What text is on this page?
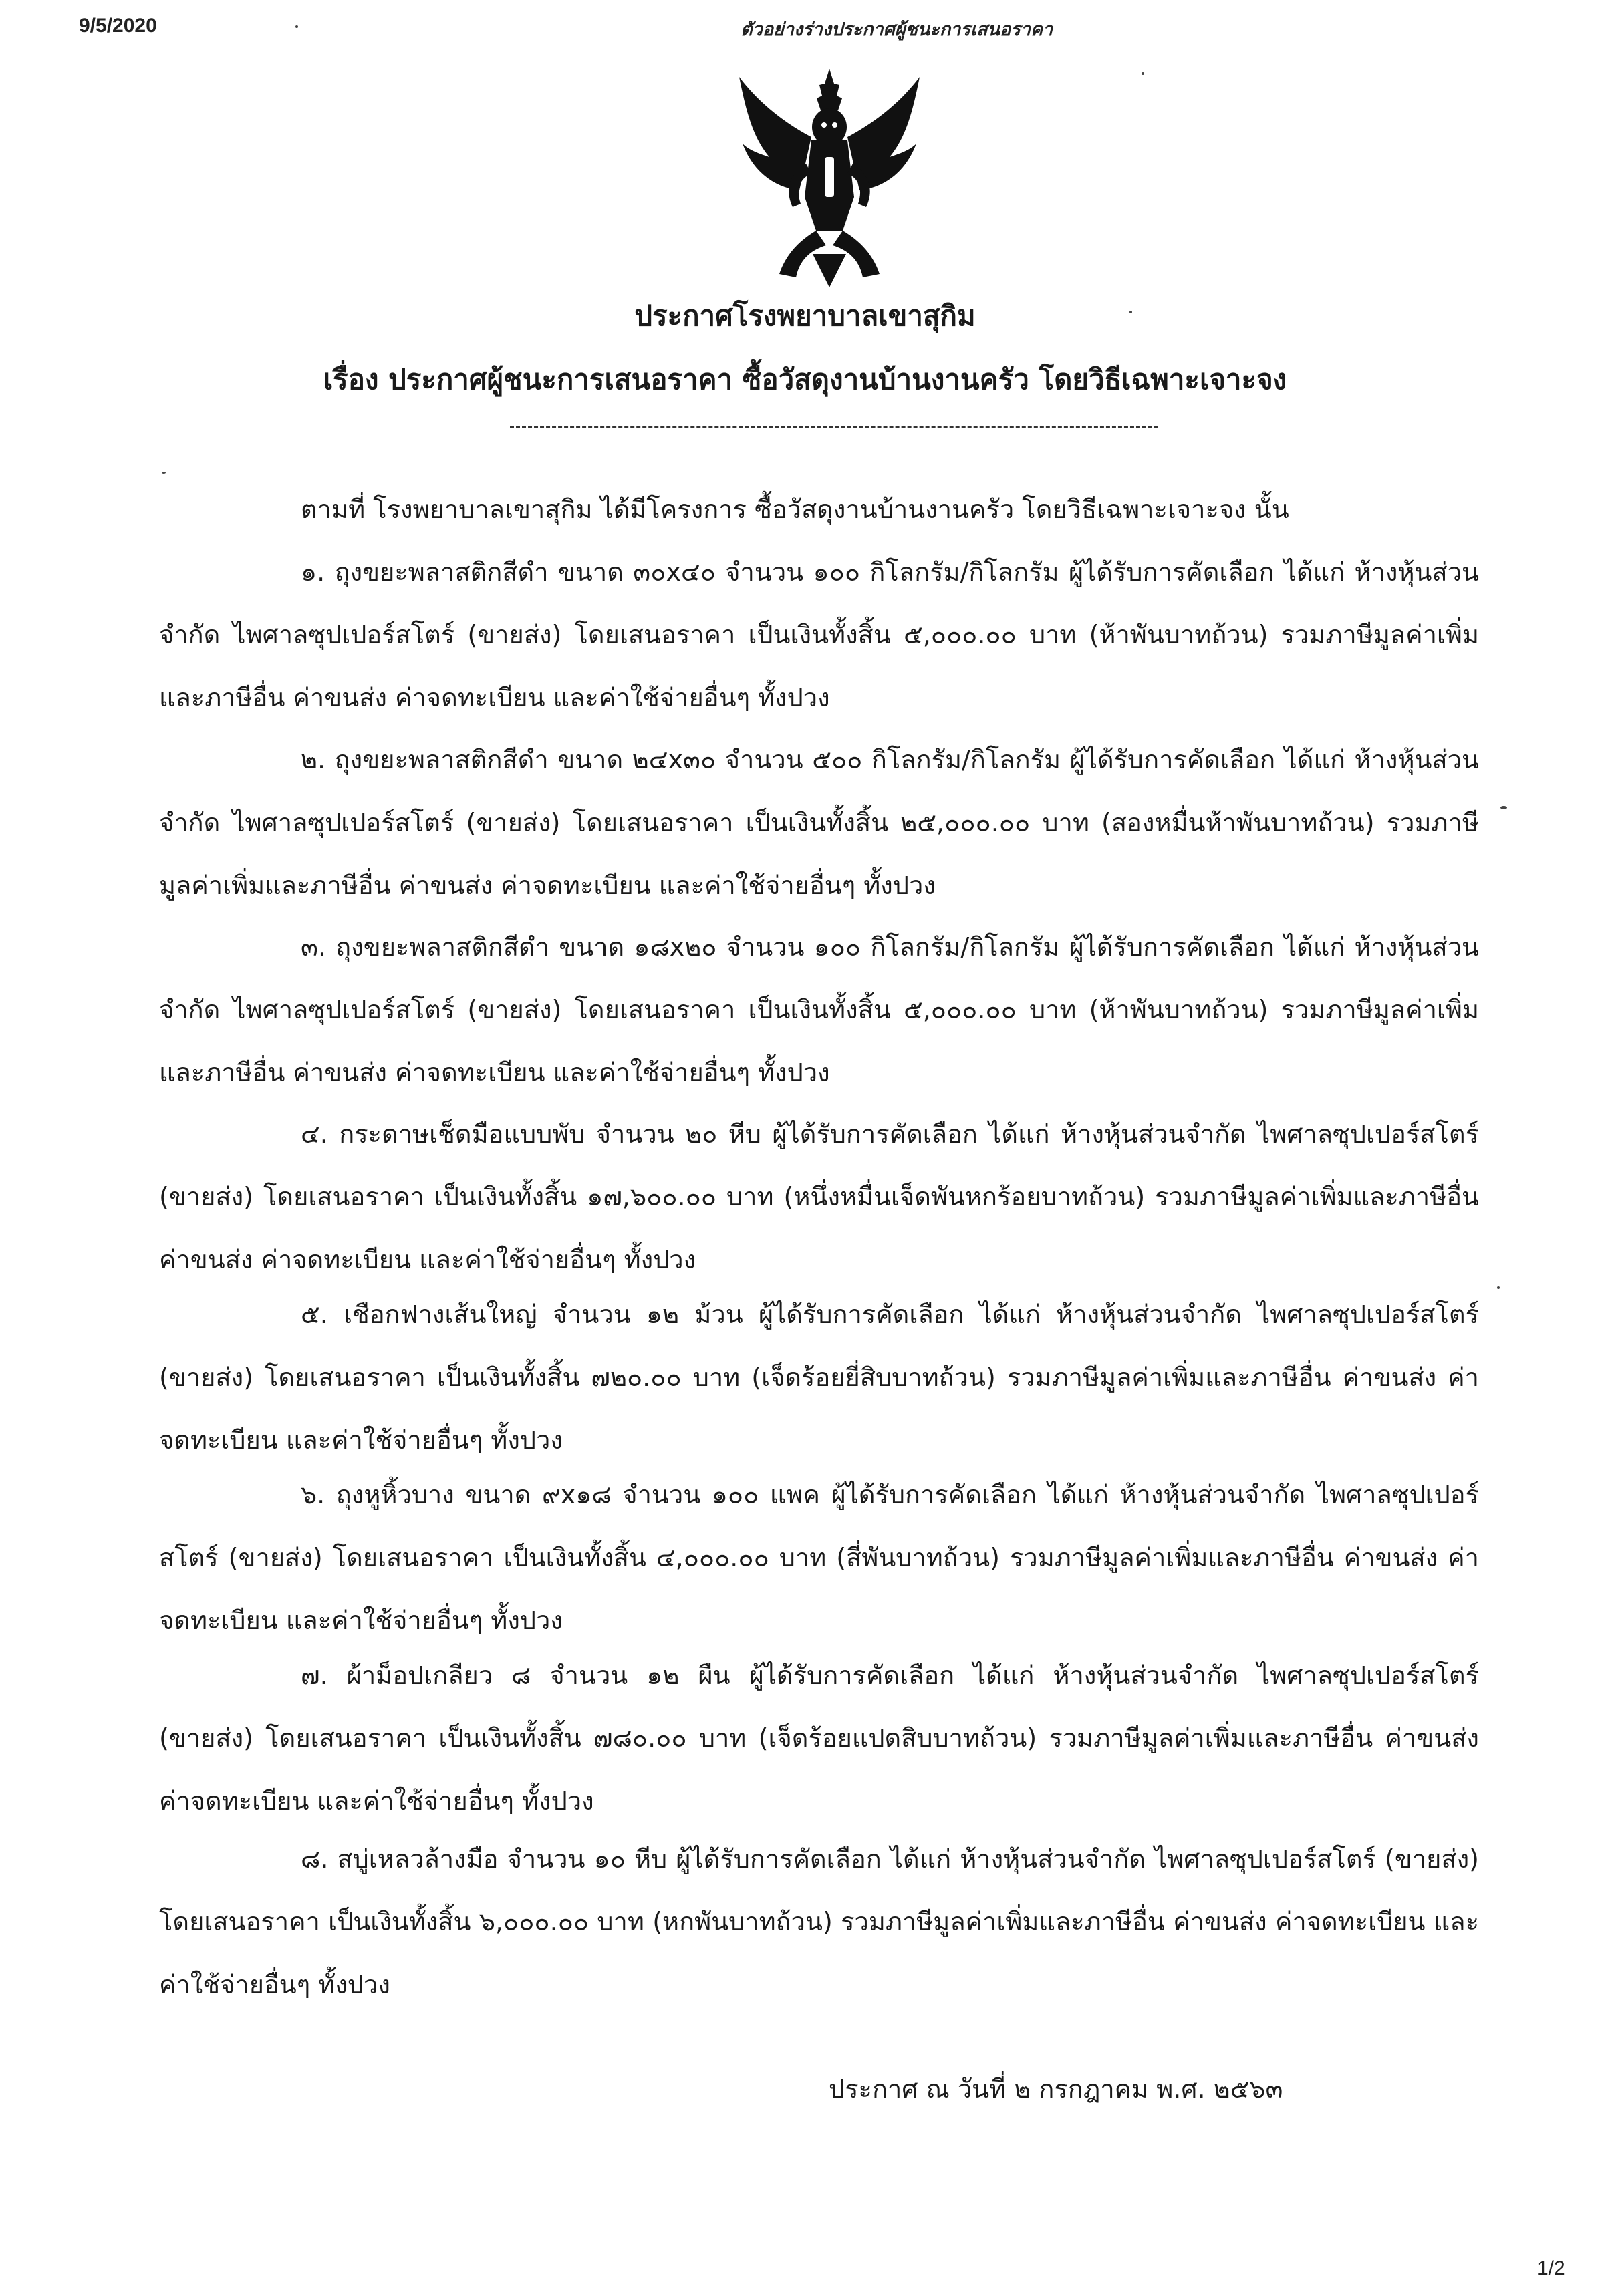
9/5/2020	ตัวอย่างร่างประกาศผู้ชนะการเสนอราคา
ประกาศโรงพยาบาลเขาสุกิม
เรื่อง ประกาศผู้ชนะการเสนอราคา ซื้อวัสดุงานบ้านงานครัว โดยวิธีเฉพาะเจาะจง
ตามที่ โรงพยาบาลเขาสุกิม ได้มีโครงการ ซื้อวัสดุงานบ้านงานครัว โดยวิธีเฉพาะเจาะจง นั้น
๑. ถุงขยะพลาสติกสีดำ ขนาด ๓๐x๔๐ จำนวน ๑๐๐ กิโลกรัม/กิโลกรัม ผู้ได้รับการคัดเลือก ได้แก่ ห้างหุ้นส่วนจำกัด ไพศาลซุปเปอร์สโตร์ (ขายส่ง) โดยเสนอราคา เป็นเงินทั้งสิ้น ๕,๐๐๐.๐๐ บาท (ห้าพันบาทถ้วน) รวมภาษีมูลค่าเพิ่มและภาษีอื่น ค่าขนส่ง ค่าจดทะเบียน และค่าใช้จ่ายอื่นๆ ทั้งปวง
๒. ถุงขยะพลาสติกสีดำ ขนาด ๒๔x๓๐ จำนวน ๕๐๐ กิโลกรัม/กิโลกรัม ผู้ได้รับการคัดเลือก ได้แก่ ห้างหุ้นส่วนจำกัด ไพศาลซุปเปอร์สโตร์ (ขายส่ง) โดยเสนอราคา เป็นเงินทั้งสิ้น ๒๕,๐๐๐.๐๐ บาท (สองหมื่นห้าพันบาทถ้วน) รวมภาษีมูลค่าเพิ่มและภาษีอื่น ค่าขนส่ง ค่าจดทะเบียน และค่าใช้จ่ายอื่นๆ ทั้งปวง
๓. ถุงขยะพลาสติกสีดำ ขนาด ๑๘x๒๐ จำนวน ๑๐๐ กิโลกรัม/กิโลกรัม ผู้ได้รับการคัดเลือก ได้แก่ ห้างหุ้นส่วนจำกัด ไพศาลซุปเปอร์สโตร์ (ขายส่ง) โดยเสนอราคา เป็นเงินทั้งสิ้น ๕,๐๐๐.๐๐ บาท (ห้าพันบาทถ้วน) รวมภาษีมูลค่าเพิ่มและภาษีอื่น ค่าขนส่ง ค่าจดทะเบียน และค่าใช้จ่ายอื่นๆ ทั้งปวง
๔. กระดาษเช็ดมือแบบพับ จำนวน ๒๐ หีบ ผู้ได้รับการคัดเลือก ได้แก่ ห้างหุ้นส่วนจำกัด ไพศาลซุปเปอร์สโตร์ (ขายส่ง) โดยเสนอราคา เป็นเงินทั้งสิ้น ๑๗,๖๐๐.๐๐ บาท (หนึ่งหมื่นเจ็ดพันหกร้อยบาทถ้วน) รวมภาษีมูลค่าเพิ่มและภาษีอื่น ค่าขนส่ง ค่าจดทะเบียน และค่าใช้จ่ายอื่นๆ ทั้งปวง
๕. เชือกฟางเส้นใหญ่ จำนวน ๑๒ ม้วน ผู้ได้รับการคัดเลือก ได้แก่ ห้างหุ้นส่วนจำกัด ไพศาลซุปเปอร์สโตร์ (ขายส่ง) โดยเสนอราคา เป็นเงินทั้งสิ้น ๗๒๐.๐๐ บาท (เจ็ดร้อยยี่สิบบาทถ้วน) รวมภาษีมูลค่าเพิ่มและภาษีอื่น ค่าขนส่ง ค่าจดทะเบียน และค่าใช้จ่ายอื่นๆ ทั้งปวง
๖. ถุงหูหิ้วบาง ขนาด ๙x๑๘ จำนวน ๑๐๐ แพค ผู้ได้รับการคัดเลือก ได้แก่ ห้างหุ้นส่วนจำกัด ไพศาลซุปเปอร์สโตร์ (ขายส่ง) โดยเสนอราคา เป็นเงินทั้งสิ้น ๔,๐๐๐.๐๐ บาท (สี่พันบาทถ้วน) รวมภาษีมูลค่าเพิ่มและภาษีอื่น ค่าขนส่ง ค่าจดทะเบียน และค่าใช้จ่ายอื่นๆ ทั้งปวง
๗. ผ้าม็อปเกลียว ๘ จำนวน ๑๒ ผืน ผู้ได้รับการคัดเลือก ได้แก่ ห้างหุ้นส่วนจำกัด ไพศาลซุปเปอร์สโตร์ (ขายส่ง) โดยเสนอราคา เป็นเงินทั้งสิ้น ๗๘๐.๐๐ บาท (เจ็ดร้อยแปดสิบบาทถ้วน) รวมภาษีมูลค่าเพิ่มและภาษีอื่น ค่าขนส่ง ค่าจดทะเบียน และค่าใช้จ่ายอื่นๆ ทั้งปวง
๘. สบู่เหลวล้างมือ จำนวน ๑๐ หีบ ผู้ได้รับการคัดเลือก ได้แก่ ห้างหุ้นส่วนจำกัด ไพศาลซุปเปอร์สโตร์ (ขายส่ง) โดยเสนอราคา เป็นเงินทั้งสิ้น ๖,๐๐๐.๐๐ บาท (หกพันบาทถ้วน) รวมภาษีมูลค่าเพิ่มและภาษีอื่น ค่าขนส่ง ค่าจดทะเบียน และค่าใช้จ่ายอื่นๆ ทั้งปวง
ประกาศ ณ วันที่ ๒ กรกฎาคม พ.ศ. ๒๕๖๓
1/2
